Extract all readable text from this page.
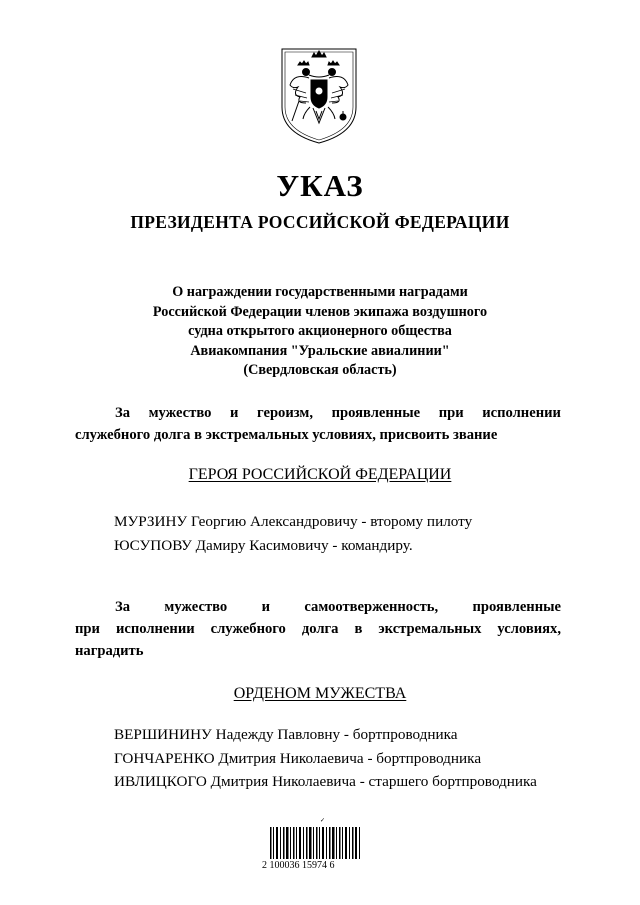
УКАЗ
ПРЕЗИДЕНТА РОССИЙСКОЙ ФЕДЕРАЦИИ
О награждении государственными наградами
Российской Федерации членов экипажа воздушного
судна открытого акционерного общества
Авиакомпания "Уральские авиалинии"
(Свердловская область)
За мужество и героизм, проявленные при исполнении
служебного долга в экстремальных условиях, присвоить звание
ГЕРОЯ РОССИЙСКОЙ ФЕДЕРАЦИИ
МУРЗИНУ Георгию Александровичу - второму пилоту
ЮСУПОВУ Дамиру Касимовичу - командиру.
За мужество и самоотверженность, проявленные
при исполнении служебного долга в экстремальных условиях,
наградить
ОРДЕНОМ МУЖЕСТВА
ВЕРШИНИНУ Надежду Павловну - бортпроводника
ГОНЧАРЕНКО Дмитрия Николаевича - бортпроводника
ИВЛИЦКОГО Дмитрия Николаевича - старшего бортпроводника
✓
2 100036 15974 6
